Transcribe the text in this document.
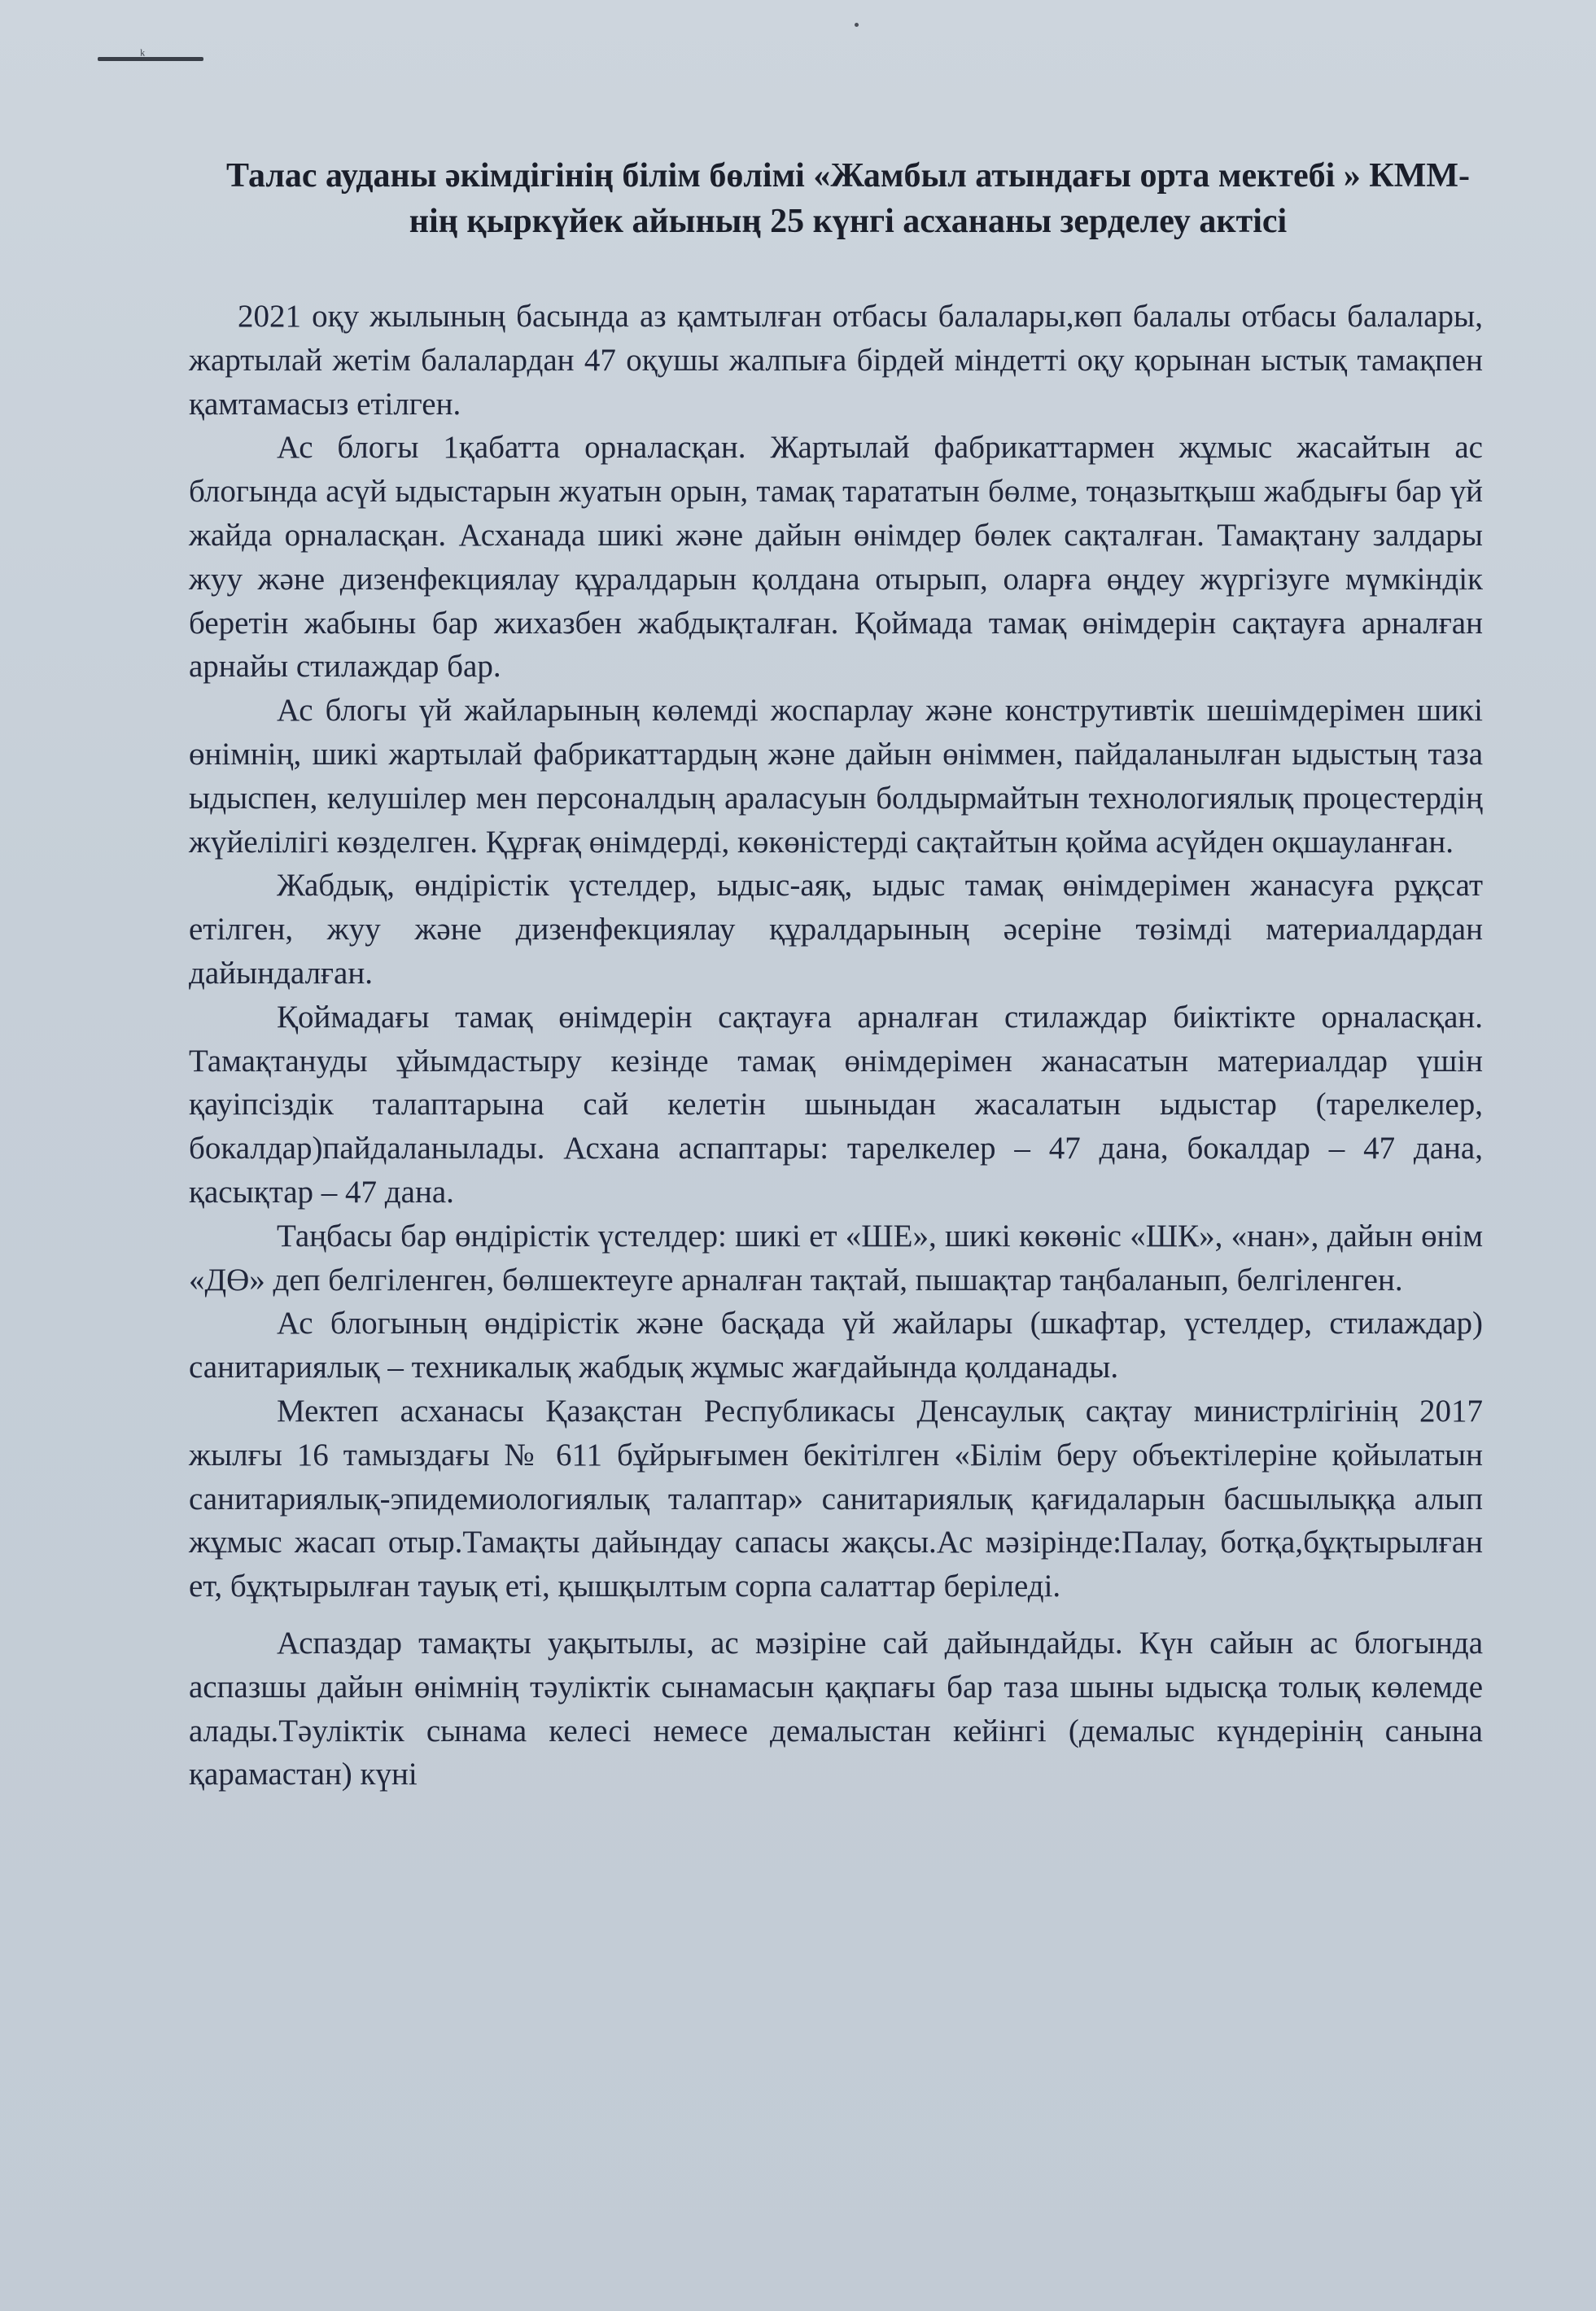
ᵏ
Талас ауданы әкімдігінің білім бөлімі «Жамбыл атындағы орта мектебі » КММ-нің қыркүйек айының 25 күнгі асхананы зерделеу актісі

2021 оқу жылының басында аз қамтылған отбасы балалары,көп балалы отбасы балалары, жартылай жетім балалардан 47 оқушы жалпыға бірдей міндетті оқу қорынан ыстық тамақпен қамтамасыз етілген.

Ас блогы 1қабатта орналасқан. Жартылай фабрикаттармен жұмыс жасайтын ас блогында асүй ыдыстарын жуатын орын, тамақ тарататын бөлме, тоңазытқыш жабдығы бар үй жайда орналасқан. Асханада шикі және дайын өнімдер бөлек сақталған. Тамақтану залдары жуу және дизенфекциялау құралдарын қолдана отырып, оларға өңдеу жүргізуге мүмкіндік беретін жабыны бар жихазбен жабдықталған. Қоймада тамақ өнімдерін сақтауға арналған арнайы стилаждар бар.

Ас блогы үй жайларының көлемді жоспарлау және конструтивтік шешімдерімен шикі өнімнің, шикі жартылай фабрикаттардың және дайын өніммен, пайдаланылған ыдыстың таза ыдыспен, келушілер мен персоналдың араласуын болдырмайтын технологиялық процестердің жүйелілігі көзделген. Құрғақ өнімдерді, көкөністерді сақтайтын қойма асүйден оқшауланған.

Жабдық, өндірістік үстелдер, ыдыс-аяқ, ыдыс тамақ өнімдерімен жанасуға рұқсат етілген, жуу және дизенфекциялау құралдарының әсеріне төзімді материалдардан дайындалған.

Қоймадағы тамақ өнімдерін сақтауға арналған стилаждар биіктікте орналасқан. Тамақтануды ұйымдастыру кезінде тамақ өнімдерімен жанасатын материалдар үшін қауіпсіздік талаптарына сай келетін шыныдан жасалатын ыдыстар (тарелкелер, бокалдар)пайдаланылады. Асхана аспаптары: тарелкелер – 47 дана, бокалдар – 47 дана, қасықтар – 47 дана.

Таңбасы бар өндірістік үстелдер: шикі ет «ШЕ», шикі көкөніс «ШК», «нан», дайын өнім «ДӨ» деп белгіленген, бөлшектеуге арналған тақтай, пышақтар таңбаланып, белгіленген.

Ас блогының өндірістік және басқада үй жайлары (шкафтар, үстелдер, стилаждар) санитариялық – техникалық жабдық жұмыс жағдайында қолданады.

Мектеп асханасы Қазақстан Республикасы Денсаулық сақтау министрлігінің 2017 жылғы 16 тамыздағы № 611 бұйрығымен бекітілген «Білім беру объектілеріне қойылатын санитариялық-эпидемиологиялық талаптар» санитариялық қағидаларын басшылыққа алып жұмыс жасап отыр.Тамақты дайындау сапасы жақсы.Ас мәзірінде:Палау, ботқа,бұқтырылған ет, бұқтырылған тауық еті, қышқылтым сорпа салаттар беріледі.

Аспаздар тамақты уақытылы, ас мәзіріне сай дайындайды. Күн сайын ас блогында аспазшы дайын өнімнің тәуліктік сынамасын қақпағы бар таза шыны ыдысқа толық көлемде алады.Тәуліктік сынама келесі немесе демалыстан кейінгі (демалыс күндерінің санына қарамастан) күні
